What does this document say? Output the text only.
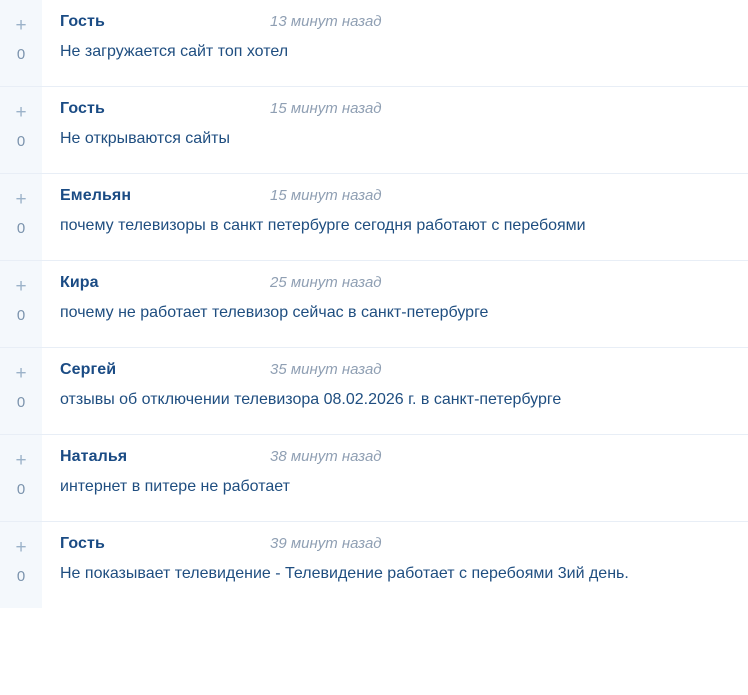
+
0
Гость	13 минут назад
Не загружается сайт топ хотел
+
0
Гость	15 минут назад
Не открываются сайты
+
0
Емельян	15 минут назад
почему телевизоры в санкт петербурге сегодня работают с перебоями
+
0
Кира	25 минут назад
почему не работает телевизор сейчас в санкт-петербурге
+
0
Сергей	35 минут назад
отзывы об отключении телевизора 08.02.2026 г. в санкт-петербурге
+
0
Наталья	38 минут назад
интернет в питере не работает
+
0
Гость	39 минут назад
Не показывает телевидение - Телевидение работает с перебоями 3ий день.
